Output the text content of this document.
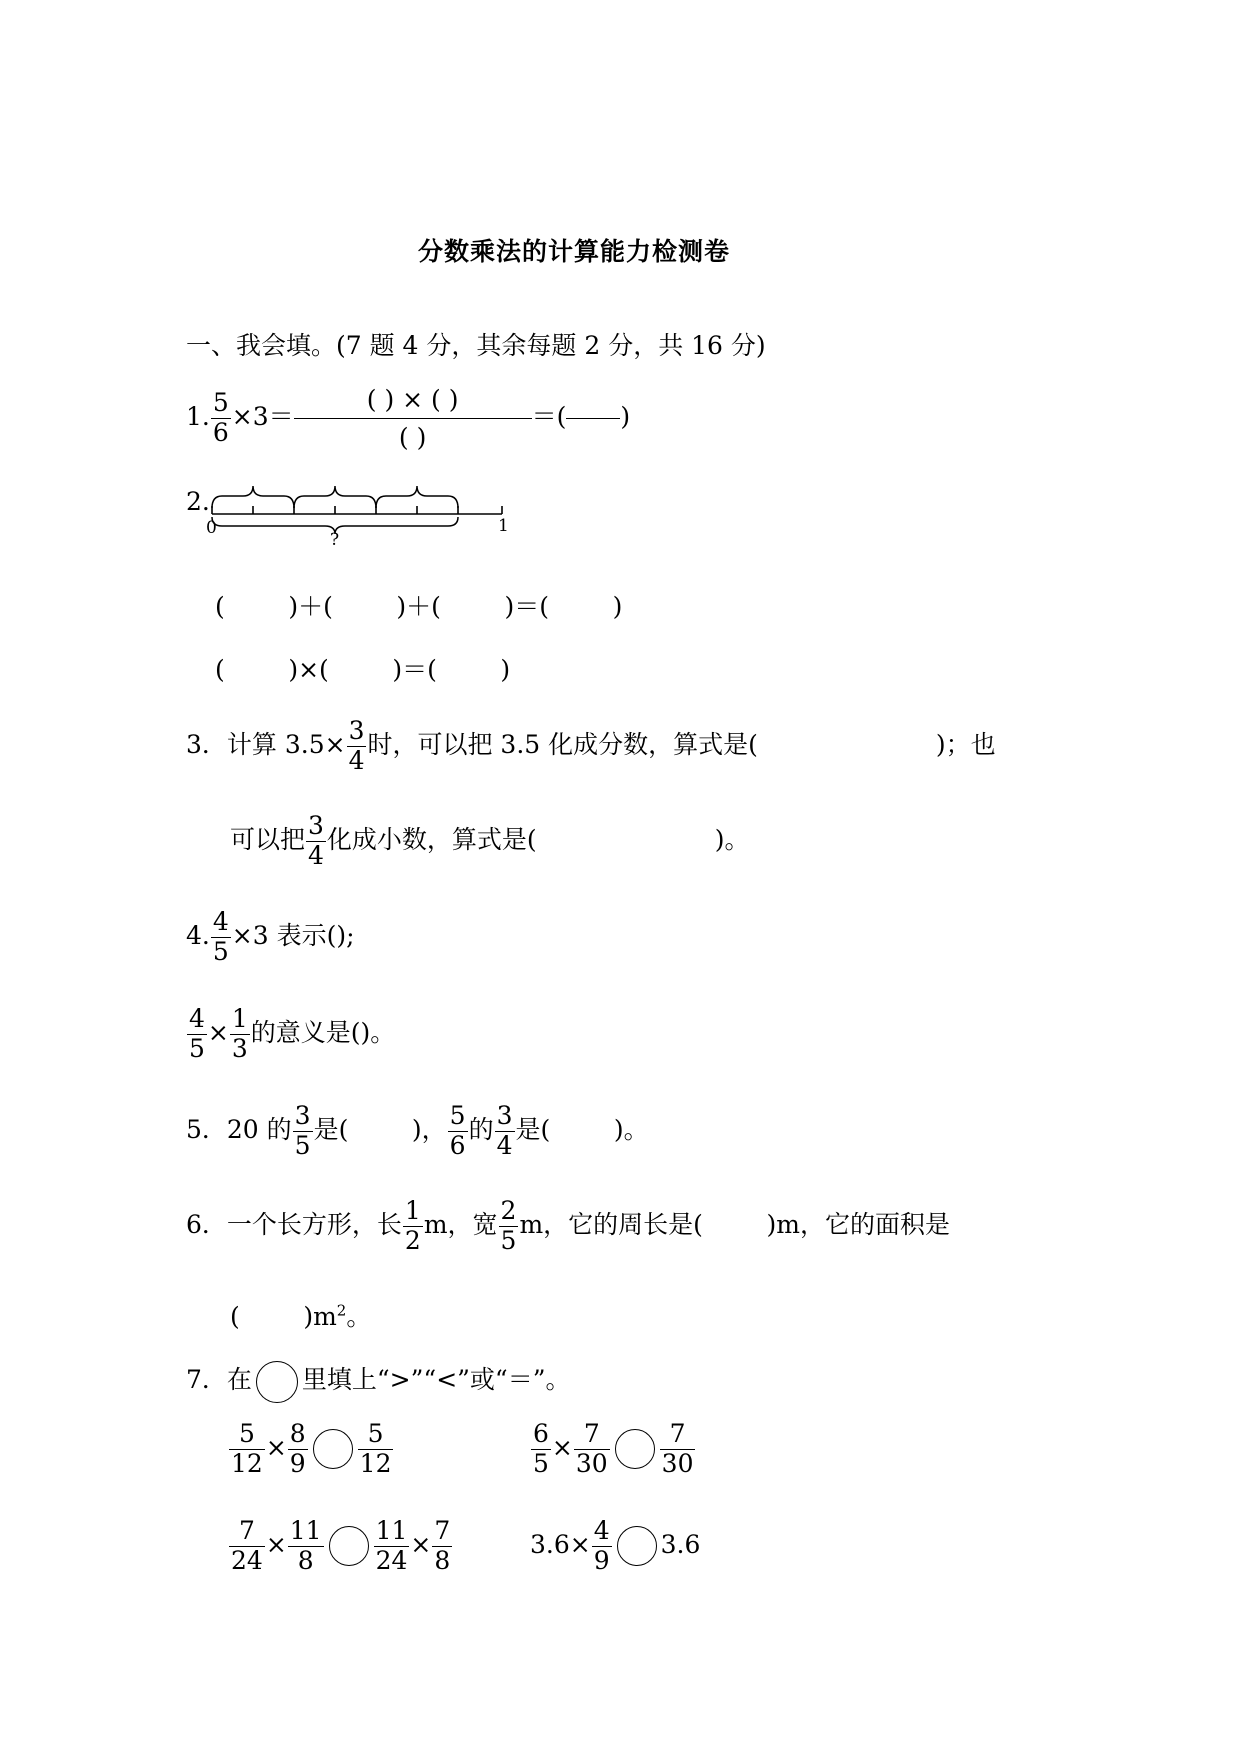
分数乘法的计算能力检测卷
一、我会填。(7 题 4 分，其余每题 2 分，共 16 分)
1. $\frac{5}{6} \times 3=$
( ) × ( )
( )
＝( )
2.
0	1
?
(        )＋(        )＋(        )＝(        )
(        )×(        )＝(        )
3．计算 $3.5\times \frac{3}{4}$ 时，可以把 3.5 化成分数，算式是(	)；也
可以把 $\frac{3}{4}$ 化成小数，算式是(	)。
4. $\frac{4}{5} \times 3$ 表示();
$\frac{4}{5} \times \frac{1}{3}$ 的意义是()。
5．20 的 $\frac{3}{5}$ 是(        )， $\frac{5}{6}$ 的 $\frac{3}{4}$ 是(        )。
6．一个长方形，长 $\frac{1}{2}$ m，宽 $\frac{2}{5}$ m，它的周长是(        )m，它的面积是
(        )$m^2$。
7．在 里填上“>”“<”或“＝”。
$\frac{5}{12} \times \frac{8}{9} \frac{5}{12}$	$\frac{6}{5} \times \frac{7}{30} \frac{7}{30}$
$\frac{7}{24} \times \frac{11}{8} \frac{11}{24} \times \frac{7}{8}$	$3.6\times \frac{4}{9} 3.6$
